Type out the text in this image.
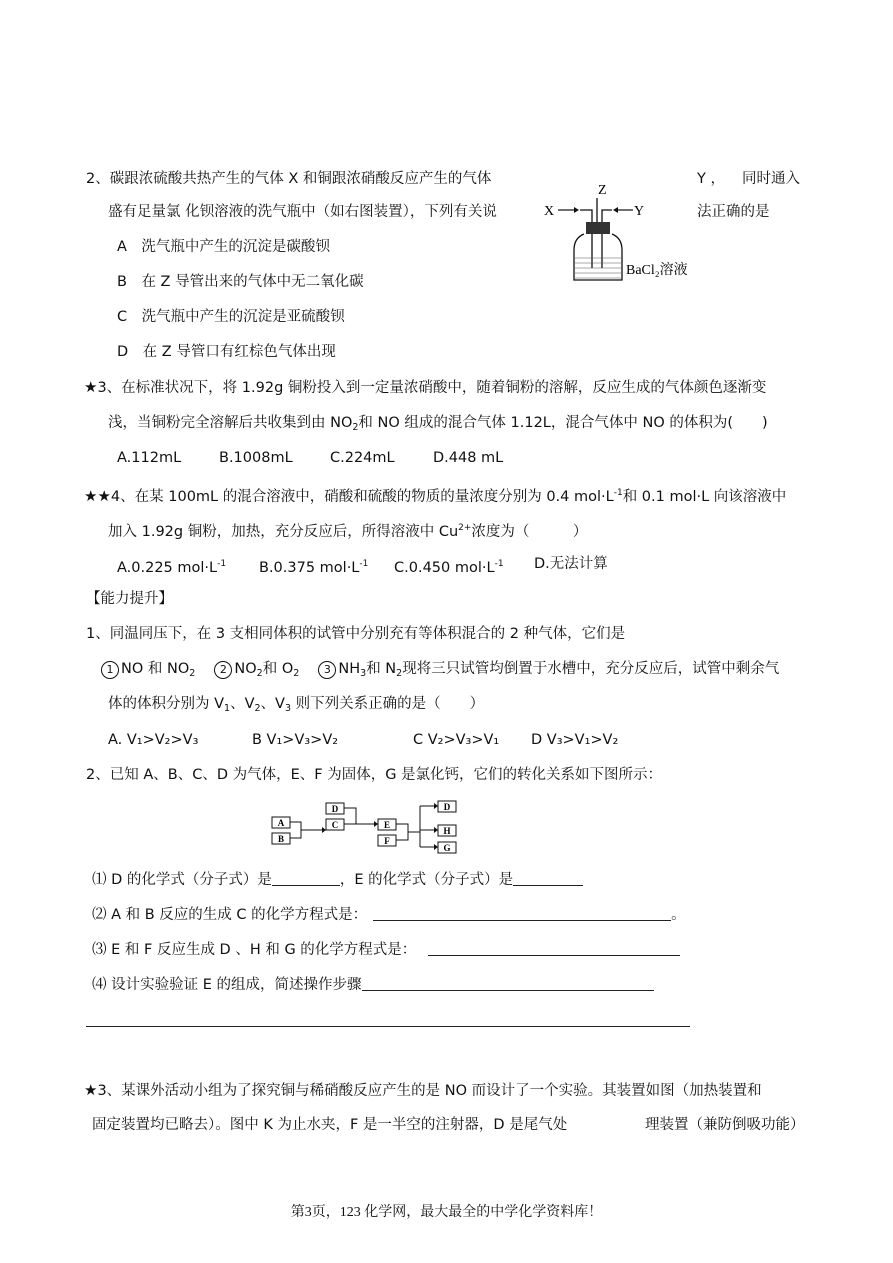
2、碳跟浓硫酸共热产生的气体 X 和铜跟浓硝酸反应产生的气体	Y ， 同时通入
盛有足量氯 化钡溶液的洗气瓶中（如右图装置），下列有关说	法正确的是
A　洗气瓶中产生的沉淀是碳酸钡
B　在 Z 导管出来的气体中无二氧化碳
C　洗气瓶中产生的沉淀是亚硫酸钡
D　在 Z 导管口有红棕色气体出现
Z
X	Y
BaCl₂溶液
★3、在标准状况下，将 1.92g 铜粉投入到一定量浓硝酸中，随着铜粉的溶解，反应生成的气体颜色逐渐变
浅，当铜粉完全溶解后共收集到由 $NO_2$和 NO 组成的混合气体 1.12L，混合气体中 NO 的体积为(　　)
A.112mL	B.1008mL	C.224mL	D.448 mL
★★4、在某 100mL 的混合溶液中，硝酸和硫酸的物质的量浓度分别为 0.4 $mol\cdot L^{-1}$和 0.1 mol·L 向该溶液中
加入 1.92g 铜粉，加热，充分反应后，所得溶液中 $Cu^{2+}$浓度为（　　　）
A.0.225 $mol\cdot L^{-1}$ B.0.375 $mol\cdot L^{-1}$ C.0.450 $mol\cdot L^{-1}$ D.无法计算
【能力提升】
1、同温同压下，在 3 支相同体积的试管中分别充有等体积混合的 2 种气体，它们是
1 NO 和 $NO_2$　 2 $NO_2$和 $O_2$　 3 $NH_3$和 $N_2$现将三只试管均倒置于水槽中，充分反应后，试管中剩余气
体的体积分别为 $V_1$、$V_2$、$V_3$ 则下列关系正确的是（　　）
A. V₁>V₂>V₃	B V₁>V₃>V₂	C V₂>V₃>V₁ D V₃>V₁>V₂
2、已知 A、B、C、D 为气体，E、F 为固体，G 是氯化钙，它们的转化关系如下图所示：
A
B
D
C	E
F
D
H
G
⑴ D 的化学式（分子式）是	，E 的化学式（分子式）是
⑵ A 和 B 反应的生成 C 的化学方程式是：	。
⑶ E 和 F 反应生成 D 、H 和 G 的化学方程式是：
⑷ 设计实验验证 E 的组成，简述操作步骤
★3、某课外活动小组为了探究铜与稀硝酸反应产生的是 NO 而设计了一个实验。其装置如图（加热装置和
固定装置均已略去）。图中 K 为止水夹，F 是一半空的注射器，D 是尾气处	理装置（兼防倒吸功能）
第3页，123 化学网，最大最全的中学化学资料库！
